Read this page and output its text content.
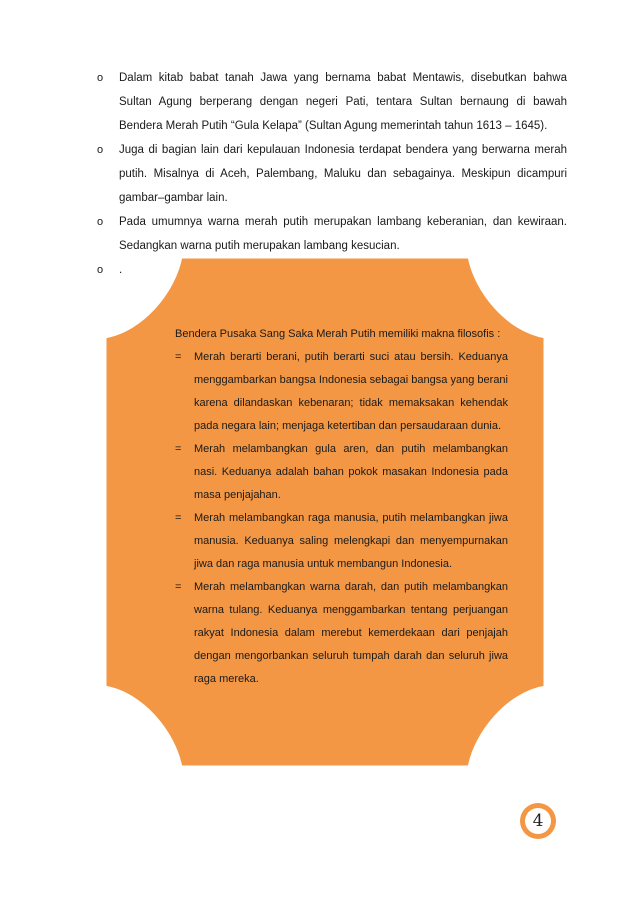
o Dalam kitab babat tanah Jawa yang bernama babat Mentawis, disebutkan bahwa Sultan Agung berperang dengan negeri Pati, tentara Sultan bernaung di bawah Bendera Merah Putih “Gula Kelapa” (Sultan Agung memerintah tahun 1613 – 1645).
o Juga di bagian lain dari kepulauan Indonesia terdapat bendera yang berwarna merah putih. Misalnya di Aceh, Palembang, Maluku dan sebagainya. Meskipun dicampuri gambar–gambar lain.
o Pada umumnya warna merah putih merupakan lambang keberanian, dan kewiraan. Sedangkan warna putih merupakan lambang kesucian.
o .
Bendera Pusaka Sang Saka Merah Putih memiliki makna filosofis :
= Merah berarti berani, putih berarti suci atau bersih. Keduanya menggambarkan bangsa Indonesia sebagai bangsa yang berani karena dilandaskan kebenaran; tidak memaksakan kehendak pada negara lain; menjaga ketertiban dan persaudaraan dunia.
= Merah melambangkan gula aren, dan putih melambangkan nasi. Keduanya adalah bahan pokok masakan Indonesia pada masa penjajahan.
= Merah melambangkan raga manusia, putih melambangkan jiwa manusia. Keduanya saling melengkapi dan menyempurnakan jiwa dan raga manusia untuk membangun Indonesia.
= Merah melambangkan warna darah, dan putih melambangkan warna tulang. Keduanya menggambarkan tentang perjuangan rakyat Indonesia dalam merebut kemerdekaan dari penjajah dengan mengorbankan seluruh tumpah darah dan seluruh jiwa raga mereka.
4
